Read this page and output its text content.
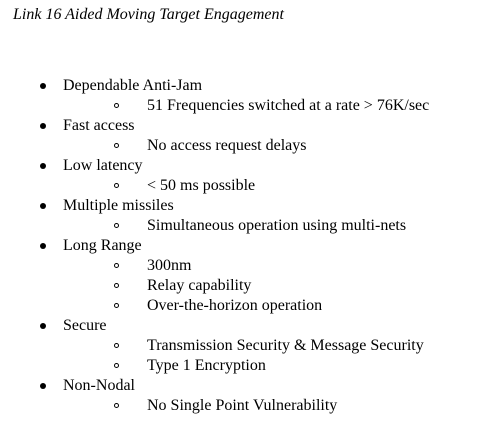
Link 16 Aided Moving Target Engagement
Dependable Anti-Jam
51 Frequencies switched at a rate > 76K/sec
Fast access
No access request delays
Low latency
< 50 ms possible
Multiple missiles
Simultaneous operation using multi-nets
Long Range
300nm
Relay capability
Over-the-horizon operation
Secure
Transmission Security & Message Security
Type 1 Encryption
Non-Nodal
No Single Point Vulnerability
